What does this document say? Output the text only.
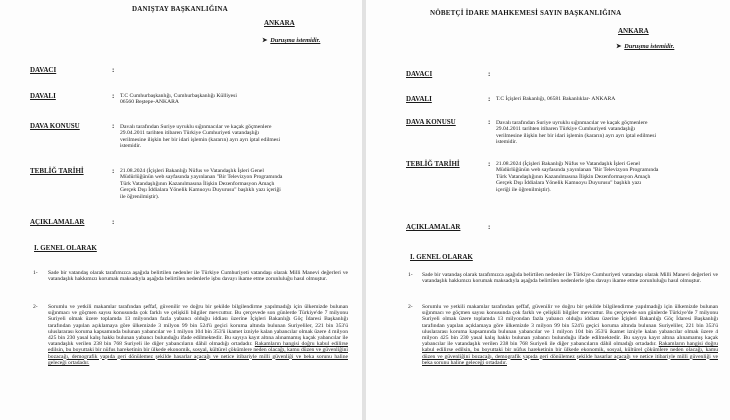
DANIŞTAY BAŞKANLIĞINA
ANKARA
➤ Duruşma istemidir.
DAVACI	:
DAVALI	: T.C Cumhurbaşkanlığı, Cumhurbaşkanlığı Külliyesi
06560 Beştepe-ANKARA
DAVA KONUSU	: Davalı tarafından Suriye uyruklu sığınmacılar ve kaçak göçmenlere
29.04.2011 tarihten itibaren Türkiye Cumhuriyeti vatandaşlığı
verilmesine ilişkin her bir idari işlemin (kararın) ayrı ayrı iptal edilmesi
istemidir.
TEBLİĞ TARİHİ	: 21.08.2024 (İçişleri Bakanlığı Nüfus ve Vatandaşlık İşleri Genel
Müdürlüğünün web sayfasında yayınlanan "Bir Televizyon Programında
Türk Vatandaşlığının Kazanılmasına İlişkin Dezenformasyon Amaçlı
Gerçek Dışı İddialara Yönelik Kamuoyu Duyurusu" başlıklı yazı içeriği
ile öğrenilmiştir).
AÇIKLAMALAR	:
I. GENEL OLARAK
1- Sade bir vatandaş olarak tarafımızca aşağıda belirtilen nedenler ile Türkiye Cumhuriyeti vatandaşı olarak Milli Manevi değerleri ve vatandaşlık hakkımızı korumak maksadıyla aşağıda belirtilen nedenlerle işbu davayı ikame etme zorunluluğu hasıl olmuştur.
2- Sorumlu ve yetkili makamlar tarafından şeffaf, güvenilir ve doğru bir şekilde bilgilendirme yapılmadığı için ülkemizde bulunan sığınmacı ve göçmen sayısı konusunda çok farklı ve çelişkili bilgiler mevcuttur. Bu çerçevede son günlerde Türkiye'de 7 milyonu Suriyeli olmak üzere toplamda 13 milyondan fazla yabancı olduğu iddiası üzerine İçişleri Bakanlığı Göç İdaresi Başkanlığı tarafından yapılan açıklamaya göre ülkemizde 3 milyon 99 bin 524'ü geçici koruma altında bulunan Suriyeliler, 221 bin 353'ü uluslararası koruma kapsamında bulunan yabancılar ve 1 milyon 104 bin 353'ü ikamet izniyle kalan yabancılar olmak üzere 4 milyon 425 bin 230 yasal kalış hakkı bulunan yabancı bulunduğu ifade edilmektedir. Bu sayıya kayıt altına alınamamış kaçak yabancılar ile vatandaşlık verilen 238 bin 768 Suriyeli ile diğer yabancıların dâhil olmadığı ortadadır. Rakamların hangisi doğru kabul edilirse edilsin, bu boyuttaki bir nüfus hareketinin bir ülkede ekonomik, sosyal, kültürel çökümlere neden olacağı, kamu düzen ve güvenliğini bozacağı, demografik yapıda geri dönülemez şekilde hasarlar açacağı ve netice itibariyle milli güvenliği ve beka sorunu haline geleceği ortadadır.
NÖBETÇİ İDARE MAHKEMESİ SAYIN BAŞKANLIĞINA
ANKARA
➤ Duruşma istemidir.
DAVACI	:
DAVALI	: T.C İçişleri Bakanlığı, 06581 Bakanlıklar- ANKARA
DAVA KONUSU	: Davalı tarafından Suriye uyruklu sığınmacılar ve kaçak göçmenlere
29.04.2011 tarihten itibaren Türkiye Cumhuriyeti vatandaşlığı
verilmesine ilişkin her bir idari işlemin (kararın) ayrı ayrı iptal edilmesi
istemidir.
TEBLİĞ TARİHİ	: 21.08.2024 (İçişleri Bakanlığı Nüfus ve Vatandaşlık İşleri Genel
Müdürlüğünün web sayfasında yayınlanan "Bir Televizyon Programında
Türk Vatandaşlığının Kazanılmasına İlişkin Dezenformasyon Amaçlı
Gerçek Dışı İddialara Yönelik Kamuoyu Duyurusu" başlıklı yazı
içeriği ile öğrenilmiştir).
AÇIKLAMALAR	:
I. GENEL OLARAK
1- Sade bir vatandaş olarak tarafımızca aşağıda belirtilen nedenler ile Türkiye Cumhuriyeti vatandaşı olarak Milli Manevi değerleri ve vatandaşlık hakkımızı korumak maksadıyla aşağıda belirtilen nedenlerle işbu davayı ikame etme zorunluluğu hasıl olmuştur.
2- Sorumlu ve yetkili makamlar tarafından şeffaf, güvenilir ve doğru bir şekilde bilgilendirme yapılmadığı için ülkemizde bulunan sığınmacı ve göçmen sayısı konusunda çok farklı ve çelişkili bilgiler mevcuttur. Bu çerçevede son günlerde Türkiye'de 7 milyonu Suriyeli olmak üzere toplamda 13 milyondan fazla yabancı olduğu iddiası üzerine İçişleri Bakanlığı Göç İdaresi Başkanlığı tarafından yapılan açıklamaya göre ülkemizde 3 milyon 99 bin 524'ü geçici koruma altında bulunan Suriyeliler, 221 bin 353'ü uluslararası koruma kapsamında bulunan yabancılar ve 1 milyon 104 bin 353'ü ikamet izniyle kalan yabancılar olmak üzere 4 milyon 425 bin 230 yasal kalış hakkı bulunan yabancı bulunduğu ifade edilmektedir. Bu sayıya kayıt altına alınamamış kaçak yabancılar ile vatandaşlık verilen 238 bin 768 Suriyeli ile diğer yabancıların dâhil olmadığı ortadadır. Rakamların hangisi doğru kabul edilirse edilsin, bu boyuttaki bir nüfus hareketinin bir ülkede ekonomik, sosyal, kültürel çökümlere neden olacağı, kamu düzen ve güvenliğini bozacağı, demografik yapıda geri dönülemez şekilde hasarlar açacağı ve netice itibariyle milli güvenliği ve beka sorunu haline geleceği ortadadır.
